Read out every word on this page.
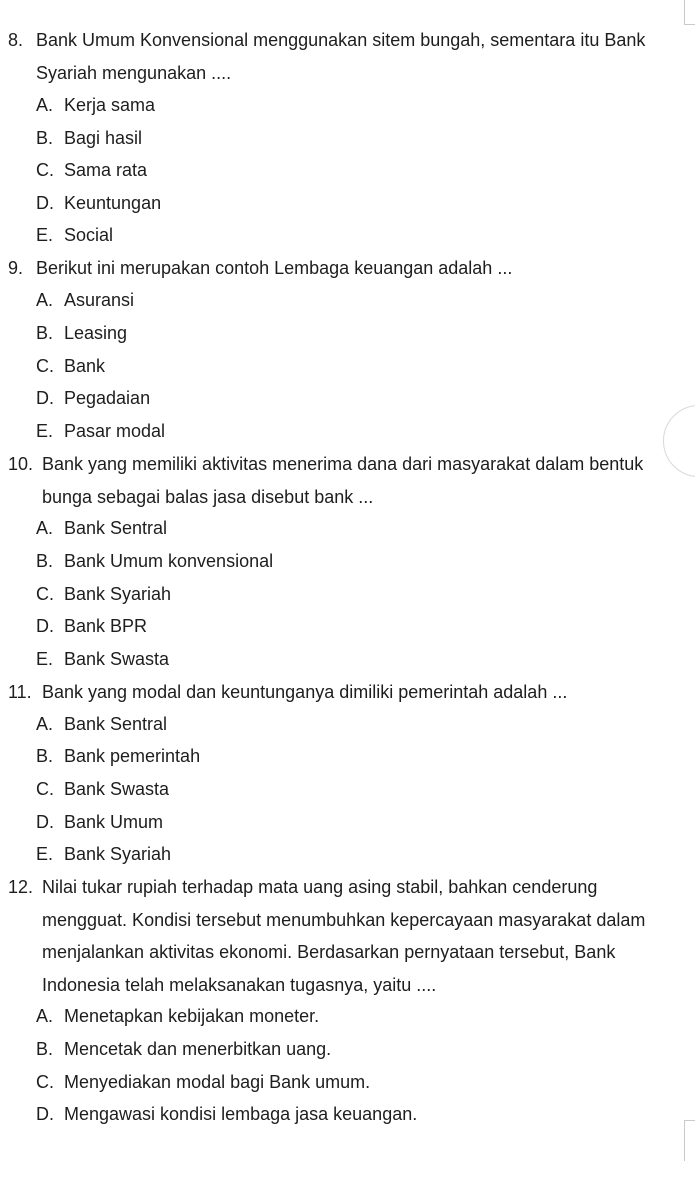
8. Bank Umum Konvensional menggunakan sitem bungah, sementara itu Bank Syariah mengunakan ....
A. Kerja sama
B. Bagi hasil
C. Sama rata
D. Keuntungan
E. Social
9. Berikut ini merupakan contoh Lembaga keuangan adalah ...
A. Asuransi
B. Leasing
C. Bank
D. Pegadaian
E. Pasar modal
10. Bank yang memiliki aktivitas menerima dana dari masyarakat dalam bentuk bunga sebagai balas jasa disebut bank ...
A. Bank Sentral
B. Bank Umum konvensional
C. Bank Syariah
D. Bank BPR
E. Bank Swasta
11. Bank yang modal dan keuntunganya dimiliki pemerintah adalah ...
A. Bank Sentral
B. Bank pemerintah
C. Bank Swasta
D. Bank Umum
E. Bank Syariah
12. Nilai tukar rupiah terhadap mata uang asing stabil, bahkan cenderung mengguat. Kondisi tersebut menumbuhkan kepercayaan masyarakat dalam menjalankan aktivitas ekonomi. Berdasarkan pernyataan tersebut, Bank Indonesia telah melaksanakan tugasnya, yaitu ....
A. Menetapkan kebijakan moneter.
B. Mencetak dan menerbitkan uang.
C. Menyediakan modal bagi Bank umum.
D. Mengawasi kondisi lembaga jasa keuangan.
